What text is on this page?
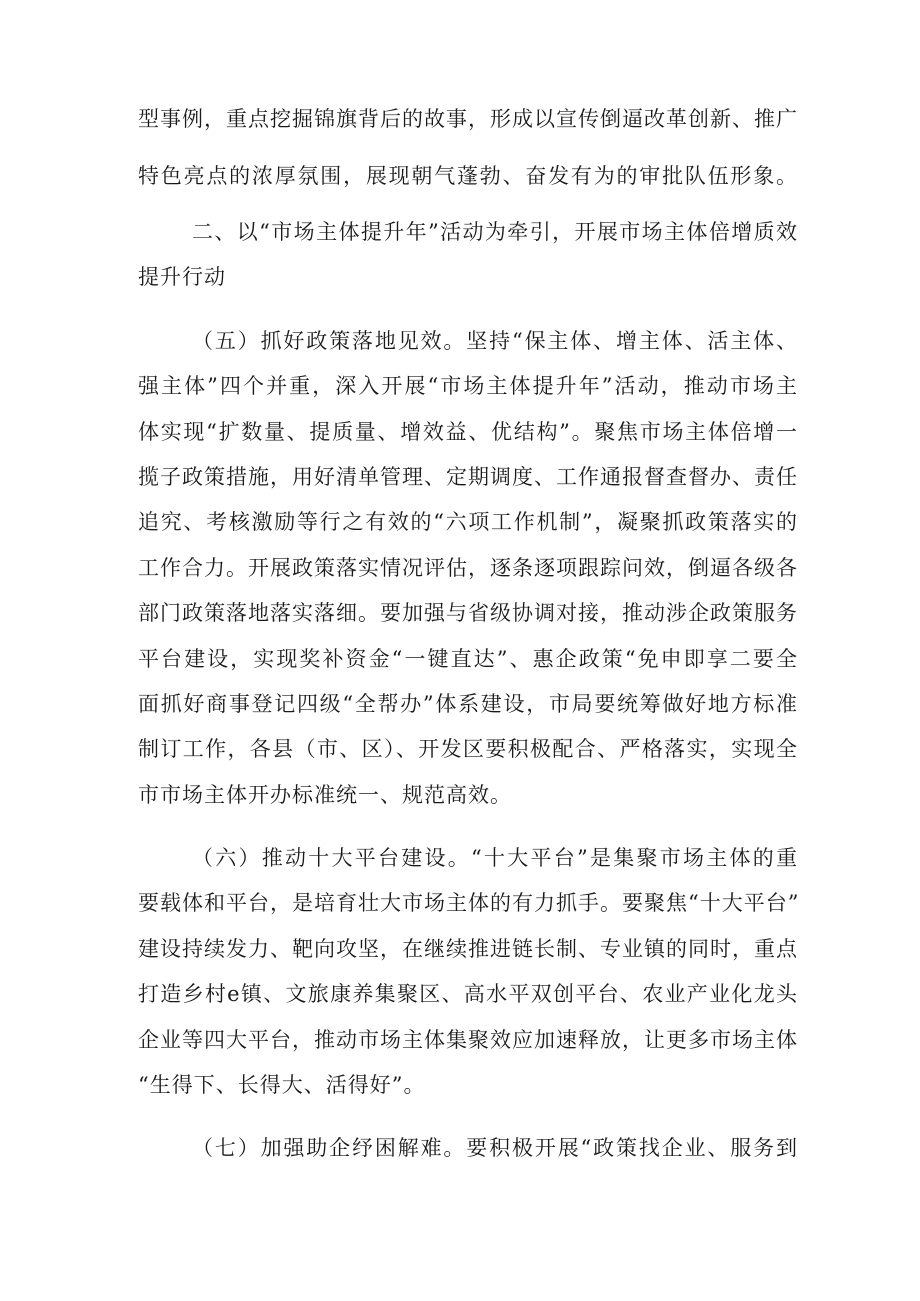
型事例，重点挖掘锦旗背后的故事，形成以宣传倒逼改革创新、推广
特色亮点的浓厚氛围，展现朝气蓬勃、奋发有为的审批队伍形象。
二、以“市场主体提升年”活动为牵引，开展市场主体倍增质效
提升行动
（五）抓好政策落地见效。坚持“保主体、增主体、活主体、
强主体”四个并重，深入开展“市场主体提升年”活动，推动市场主
体实现“扩数量、提质量、增效益、优结构”。聚焦市场主体倍增一
揽子政策措施，用好清单管理、定期调度、工作通报督查督办、责任
追究、考核激励等行之有效的“六项工作机制”，凝聚抓政策落实的
工作合力。开展政策落实情况评估，逐条逐项跟踪问效，倒逼各级各
部门政策落地落实落细。要加强与省级协调对接，推动涉企政策服务
平台建设，实现奖补资金“一键直达”、惠企政策“免申即享二要全
面抓好商事登记四级“全帮办”体系建设，市局要统筹做好地方标准
制订工作，各县（市、区）、开发区要积极配合、严格落实，实现全
市市场主体开办标准统一、规范高效。
（六）推动十大平台建设。“十大平台”是集聚市场主体的重
要载体和平台，是培育壮大市场主体的有力抓手。要聚焦“十大平台”
建设持续发力、靶向攻坚，在继续推进链长制、专业镇的同时，重点
打造乡村e镇、文旅康养集聚区、高水平双创平台、农业产业化龙头
企业等四大平台，推动市场主体集聚效应加速释放，让更多市场主体
“生得下、长得大、活得好”。
（七）加强助企纾困解难。要积极开展“政策找企业、服务到
